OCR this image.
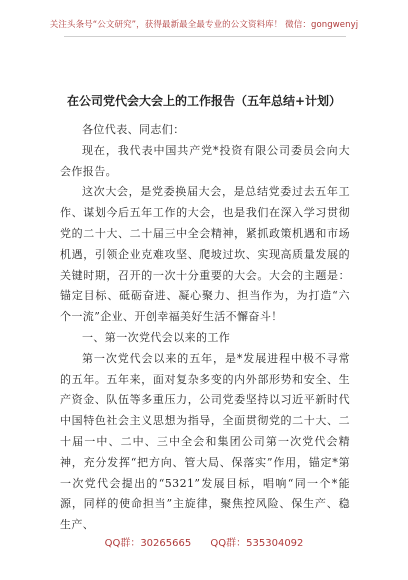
关注头条号“公文研究”，获得最新最全最专业的公文资料库！ 微信：gongwenyj
在公司党代会大会上的工作报告（五年总结+计划）

各位代表、同志们：

现在，我代表中国共产党*投资有限公司委员会向大会作报告。

这次大会，是党委换届大会，是总结党委过去五年工作、谋划今后五年工作的大会，也是我们在深入学习贯彻党的二十大、二十届三中全会精神，紧抓政策机遇和市场机遇，引领企业克难攻坚、爬坡过坎、实现高质量发展的关键时期，召开的一次十分重要的大会。大会的主题是：锚定目标、砥砺奋进、凝心聚力、担当作为，为打造“六个一流”企业、开创幸福美好生活不懈奋斗！

一、第一次党代会以来的工作

第一次党代会以来的五年，是*发展进程中极不寻常的五年。五年来，面对复杂多变的内外部形势和安全、生产资金、队伍等多重压力，公司党委坚持以习近平新时代中国特色社会主义思想为指导，全面贯彻党的二十大、二十届一中、二中、三中全会和集团公司第一次党代会精神，充分发挥“把方向、管大局、保落实”作用，锚定*第一次党代会提出的“5321”发展目标，唱响“同一个*能源，同样的使命担当”主旋律，聚焦控风险、保生产、稳生产、

QQ群：30265665 QQ群：535304092
